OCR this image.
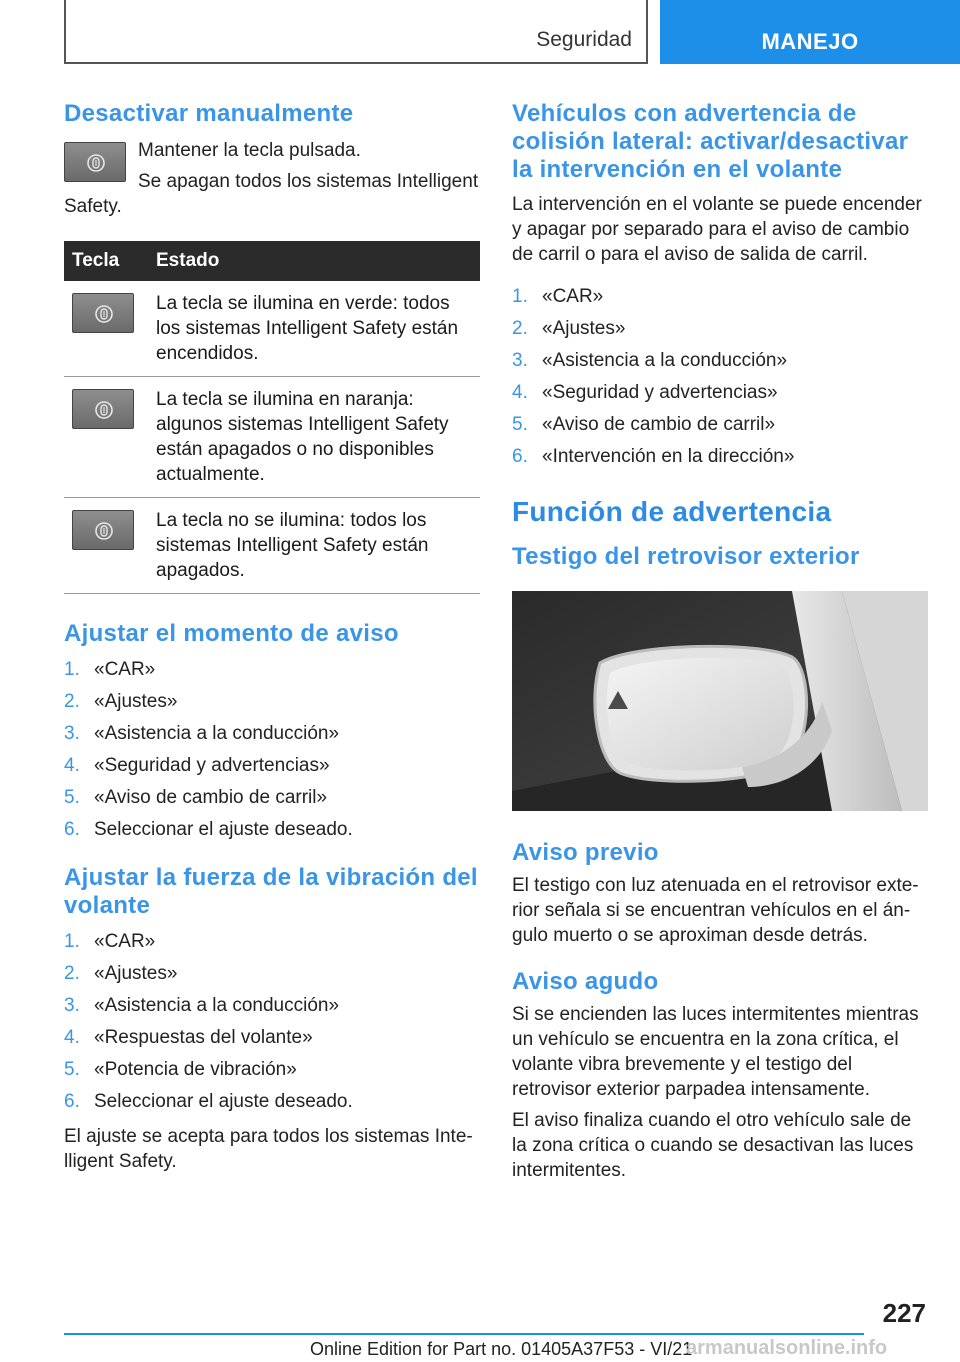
Seguridad	MANEJO
Desactivar manualmente

Mantener la tecla pulsada.

Se apagan todos los sistemas Intelligent Safety.

Tecla	Estado

	La tecla se ilumina en verde: todos los sistemas Intelligent Safety están encendidos.

	La tecla se ilumina en naranja: algunos sistemas Intelligent Safety están apagados o no disponibles actualmente.

	La tecla no se ilumina: todos los sistemas Intelligent Safety están apagados.
Ajustar el momento de aviso
1. «CAR»
2. «Ajustes»
3. «Asistencia a la conducción»
4. «Seguridad y advertencias»
5. «Aviso de cambio de carril»
6. Seleccionar el ajuste deseado.
Ajustar la fuerza de la vibración del volante
1. «CAR»
2. «Ajustes»
3. «Asistencia a la conducción»
4. «Respuestas del volante»
5. «Potencia de vibración»
6. Seleccionar el ajuste deseado.

El ajuste se acepta para todos los sistemas Intelligent Safety.

Vehículos con advertencia de colisión lateral: activar/desactivar la intervención en el volante

La intervención en el volante se puede encender y apagar por separado para el aviso de cambio de carril o para el aviso de salida de carril.

1. «CAR»
2. «Ajustes»
3. «Asistencia a la conducción»
4. «Seguridad y advertencias»
5. «Aviso de cambio de carril»
6. «Intervención en la dirección»
Función de advertencia
Testigo del retrovisor exterior
Aviso previo

El testigo con luz atenuada en el retrovisor exterior señala si se encuentran vehículos en el ángulo muerto o se aproximan desde detrás.

Aviso agudo

Si se encienden las luces intermitentes mientras un vehículo se encuentra en la zona crítica, el volante vibra brevemente y el testigo del retrovisor exterior parpadea intensamente.

El aviso finaliza cuando el otro vehículo sale de la zona crítica o cuando se desactivan las luces intermitentes.

227
Online Edition for Part no. 01405A37F53 - VI/21
armanualsonline.info
